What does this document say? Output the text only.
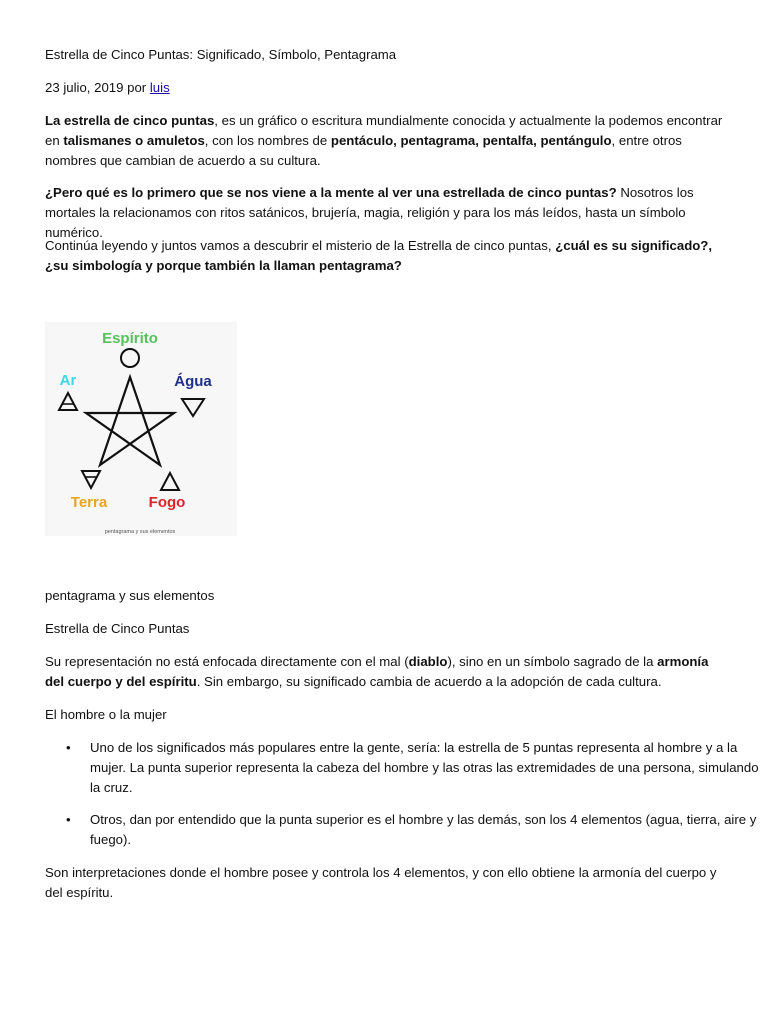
Estrella de Cinco Puntas: Significado, Símbolo, Pentagrama

23 julio, 2019 por luis

La estrella de cinco puntas, es un gráfico o escritura mundialmente conocida y actualmente la podemos encontrar en talismanes o amuletos, con los nombres de pentáculo, pentagrama, pentalfa, pentángulo, entre otros nombres que cambian de acuerdo a su cultura.

¿Pero qué es lo primero que se nos viene a la mente al ver una estrellada de cinco puntas? Nosotros los mortales la relacionamos con ritos satánicos, brujería, magia, religión y para los más leídos, hasta un símbolo numérico.

Continúa leyendo y juntos vamos a descubrir el misterio de la Estrella de cinco puntas, ¿cuál es su significado?, ¿su simbología y porque también la llaman pentagrama?

Espírito
Ar	Água
Terra	Fogo
pentagrama y sus elementos

pentagrama y sus elementos

Estrella de Cinco Puntas

Su representación no está enfocada directamente con el mal (diablo), sino en un símbolo sagrado de la armonía del cuerpo y del espíritu. Sin embargo, su significado cambia de acuerdo a la adopción de cada cultura.

El hombre o la mujer

• Uno de los significados más populares entre la gente, sería: la estrella de 5 puntas representa al hombre y a la mujer. La punta superior representa la cabeza del hombre y las otras las extremidades de una persona, simulando la cruz.
• Otros, dan por entendido que la punta superior es el hombre y las demás, son los 4 elementos (agua, tierra, aire y fuego).

Son interpretaciones donde el hombre posee y controla los 4 elementos, y con ello obtiene la armonía del cuerpo y del espíritu.
